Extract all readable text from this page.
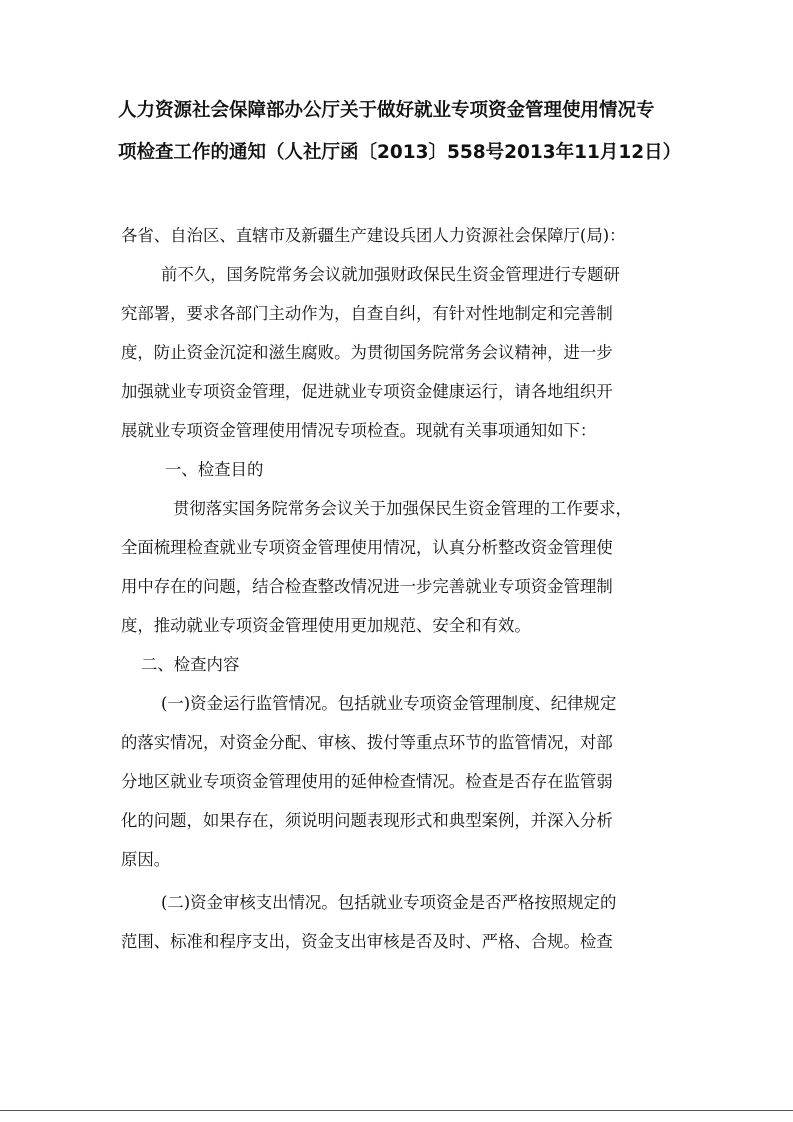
人力资源社会保障部办公厅关于做好就业专项资金管理使用情况专
项检查工作的通知（人社厅函〔2013〕558号2013年11月12日）
各省、自治区、直辖市及新疆生产建设兵团人力资源社会保障厅(局)：
前不久，国务院常务会议就加强财政保民生资金管理进行专题研
究部署，要求各部门主动作为，自查自纠，有针对性地制定和完善制
度，防止资金沉淀和滋生腐败。为贯彻国务院常务会议精神，进一步
加强就业专项资金管理，促进就业专项资金健康运行，请各地组织开
展就业专项资金管理使用情况专项检查。现就有关事项通知如下：
一、检查目的
贯彻落实国务院常务会议关于加强保民生资金管理的工作要求，
全面梳理检查就业专项资金管理使用情况，认真分析整改资金管理使
用中存在的问题，结合检查整改情况进一步完善就业专项资金管理制
度，推动就业专项资金管理使用更加规范、安全和有效。
二、检查内容
(一)资金运行监管情况。包括就业专项资金管理制度、纪律规定
的落实情况，对资金分配、审核、拨付等重点环节的监管情况，对部
分地区就业专项资金管理使用的延伸检查情况。检查是否存在监管弱
化的问题，如果存在，须说明问题表现形式和典型案例，并深入分析
原因。
(二)资金审核支出情况。包括就业专项资金是否严格按照规定的
范围、标准和程序支出，资金支出审核是否及时、严格、合规。检查
